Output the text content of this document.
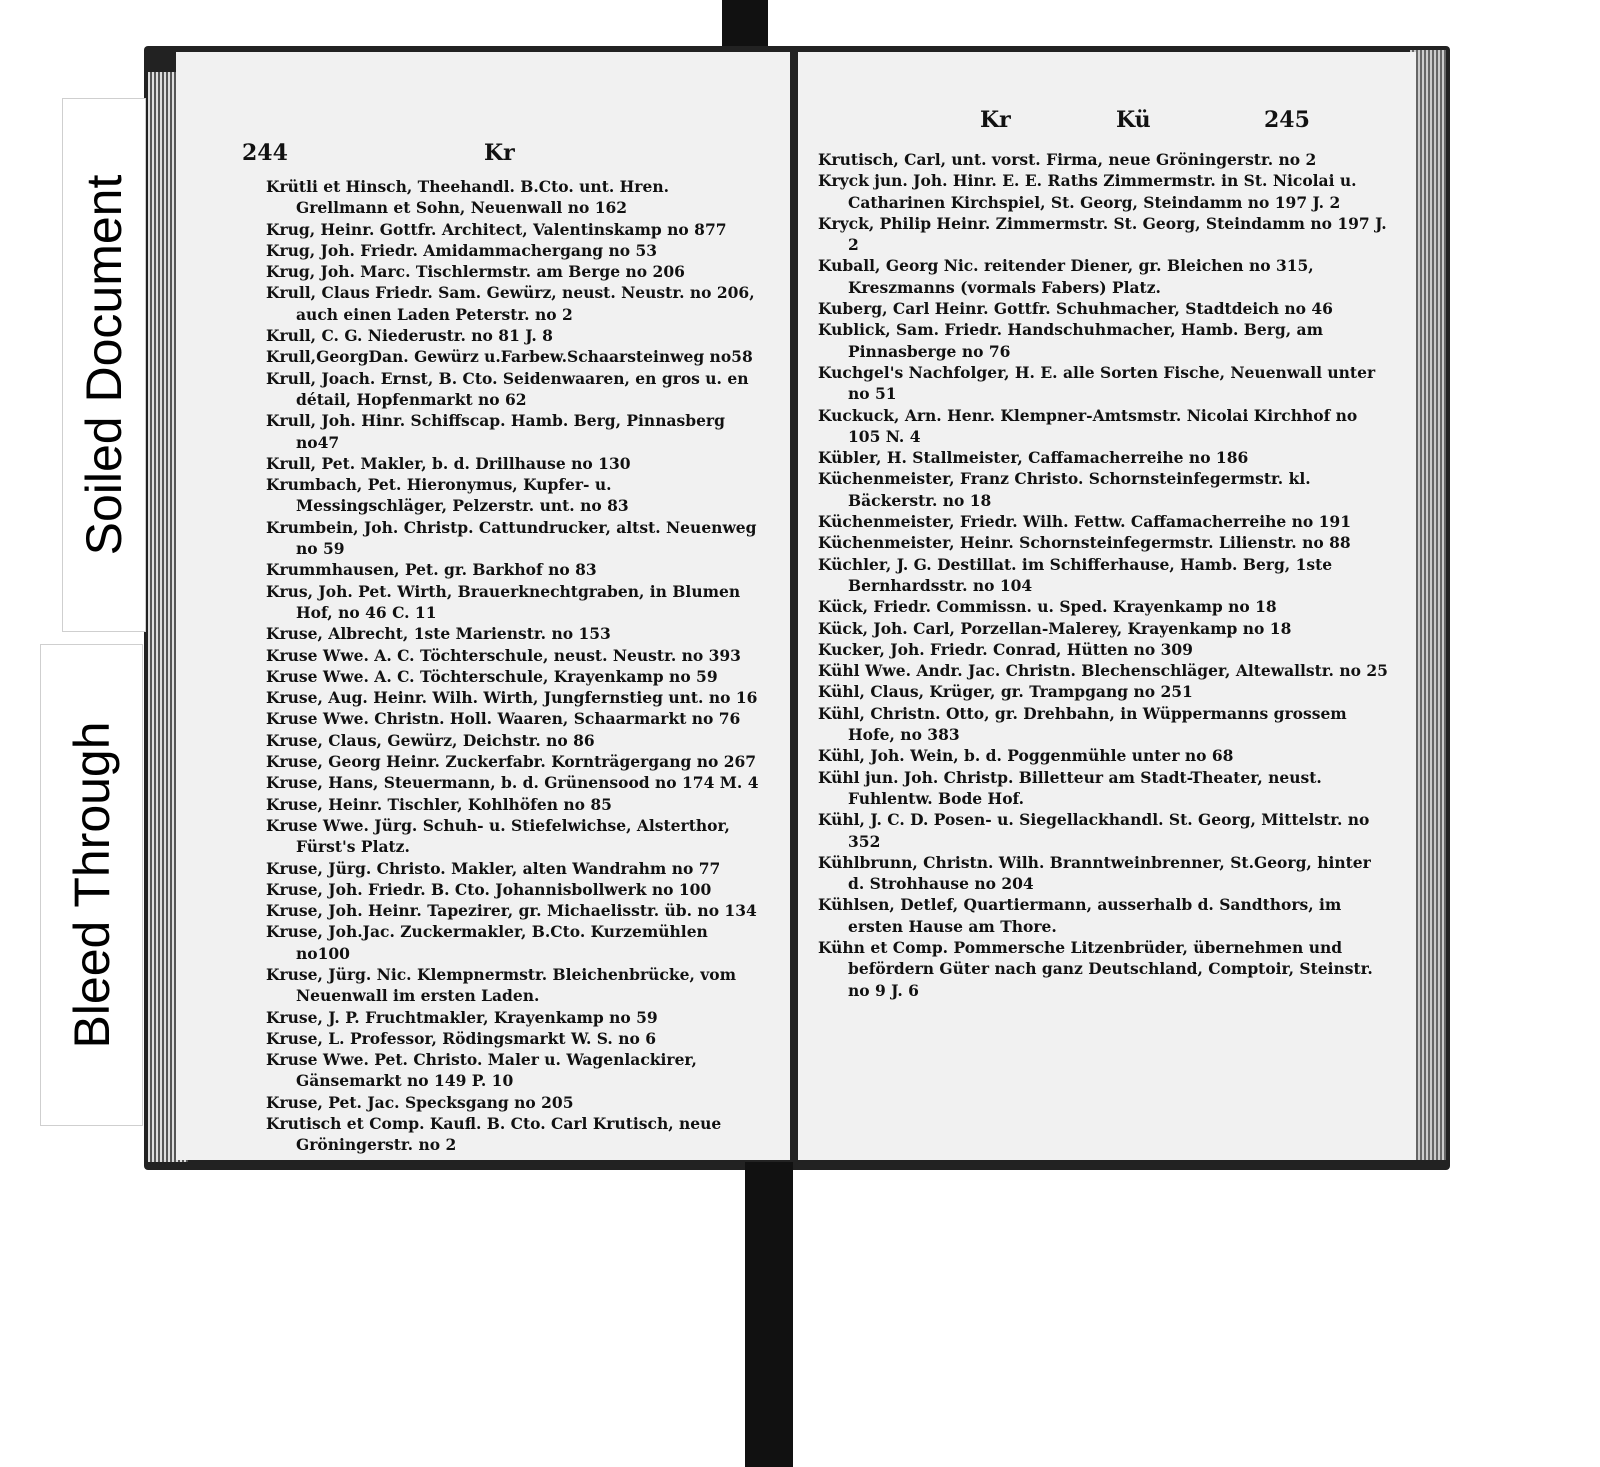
244	Kr

Krütli et Hinsch, Theehandl. B.Cto. unt. Hren. Grellmann et Sohn, Neuenwall no 162

Krug, Heinr. Gottfr. Architect, Valentinskamp no 877

Krug, Joh. Friedr. Amidammachergang no 53

Krug, Joh. Marc. Tischlermstr. am Berge no 206

Krull, Claus Friedr. Sam. Gewürz, neust. Neustr. no 206, auch einen Laden Peterstr. no 2

Krull, C. G. Niederustr. no 81 J. 8

Krull,GeorgDan. Gewürz u.Farbew.Schaarsteinweg no58

Krull, Joach. Ernst, B. Cto. Seidenwaaren, en gros u. en détail, Hopfenmarkt no 62

Krull, Joh. Hinr. Schiffscap. Hamb. Berg, Pinnasberg no47

Krull, Pet. Makler, b. d. Drillhause no 130

Krumbach, Pet. Hieronymus, Kupfer- u. Messingschläger, Pelzerstr. unt. no 83

Krumbein, Joh. Christp. Cattundrucker, altst. Neuenweg no 59

Krummhausen, Pet. gr. Barkhof no 83

Krus, Joh. Pet. Wirth, Brauerknechtgraben, in Blumen Hof, no 46 C. 11

Kruse, Albrecht, 1ste Marienstr. no 153

Kruse Wwe. A. C. Töchterschule, neust. Neustr. no 393

Kruse Wwe. A. C. Töchterschule, Krayenkamp no 59

Kruse, Aug. Heinr. Wilh. Wirth, Jungfernstieg unt. no 16

Kruse Wwe. Christn. Holl. Waaren, Schaarmarkt no 76

Kruse, Claus, Gewürz, Deichstr. no 86

Kruse, Georg Heinr. Zuckerfabr. Kornträgergang no 267

Kruse, Hans, Steuermann, b. d. Grünensood no 174 M. 4

Kruse, Heinr. Tischler, Kohlhöfen no 85

Kruse Wwe. Jürg. Schuh- u. Stiefelwichse, Alsterthor, Fürst's Platz.

Kruse, Jürg. Christo. Makler, alten Wandrahm no 77

Kruse, Joh. Friedr. B. Cto. Johannisbollwerk no 100

Kruse, Joh. Heinr. Tapezirer, gr. Michaelisstr. üb. no 134

Kruse, Joh.Jac. Zuckermakler, B.Cto. Kurzemühlen no100

Kruse, Jürg. Nic. Klempnermstr. Bleichenbrücke, vom Neuenwall im ersten Laden.

Kruse, J. P. Fruchtmakler, Krayenkamp no 59

Kruse, L. Professor, Rödingsmarkt W. S. no 6

Kruse Wwe. Pet. Christo. Maler u. Wagenlackirer, Gänsemarkt no 149 P. 10

Kruse, Pet. Jac. Specksgang no 205

Krutisch et Comp. Kaufl. B. Cto. Carl Krutisch, neue Gröningerstr. no 2

Kr	Kü	245

Krutisch, Carl, unt. vorst. Firma, neue Gröningerstr. no 2

Kryck jun. Joh. Hinr. E. E. Raths Zimmermstr. in St. Nicolai u. Catharinen Kirchspiel, St. Georg, Steindamm no 197 J. 2

Kryck, Philip Heinr. Zimmermstr. St. Georg, Steindamm no 197 J. 2

Kuball, Georg Nic. reitender Diener, gr. Bleichen no 315, Kreszmanns (vormals Fabers) Platz.

Kuberg, Carl Heinr. Gottfr. Schuhmacher, Stadtdeich no 46

Kublick, Sam. Friedr. Handschuhmacher, Hamb. Berg, am Pinnasberge no 76

Kuchgel's Nachfolger, H. E. alle Sorten Fische, Neuenwall unter no 51

Kuckuck, Arn. Henr. Klempner-Amtsmstr. Nicolai Kirchhof no 105 N. 4

Kübler, H. Stallmeister, Caffamacherreihe no 186

Küchenmeister, Franz Christo. Schornsteinfegermstr. kl. Bäckerstr. no 18

Küchenmeister, Friedr. Wilh. Fettw. Caffamacherreihe no 191

Küchenmeister, Heinr. Schornsteinfegermstr. Lilienstr. no 88

Küchler, J. G. Destillat. im Schifferhause, Hamb. Berg, 1ste Bernhardsstr. no 104

Kück, Friedr. Commissn. u. Sped. Krayenkamp no 18

Kück, Joh. Carl, Porzellan-Malerey, Krayenkamp no 18

Kucker, Joh. Friedr. Conrad, Hütten no 309

Kühl Wwe. Andr. Jac. Christn. Blechenschläger, Altewallstr. no 25

Kühl, Claus, Krüger, gr. Trampgang no 251

Kühl, Christn. Otto, gr. Drehbahn, in Wüppermanns grossem Hofe, no 383

Kühl, Joh. Wein, b. d. Poggenmühle unter no 68

Kühl jun. Joh. Christp. Billetteur am Stadt-Theater, neust. Fuhlentw. Bode Hof.

Kühl, J. C. D. Posen- u. Siegellackhandl. St. Georg, Mittelstr. no 352

Kühlbrunn, Christn. Wilh. Branntweinbrenner, St.Georg, hinter d. Strohhause no 204

Kühlsen, Detlef, Quartiermann, ausserhalb d. Sandthors, im ersten Hause am Thore.

Kühn et Comp. Pommersche Litzenbrüder, übernehmen und befördern Güter nach ganz Deutschland, Comptoir, Steinstr. no 9 J. 6

Bleed Through
Soiled Document
